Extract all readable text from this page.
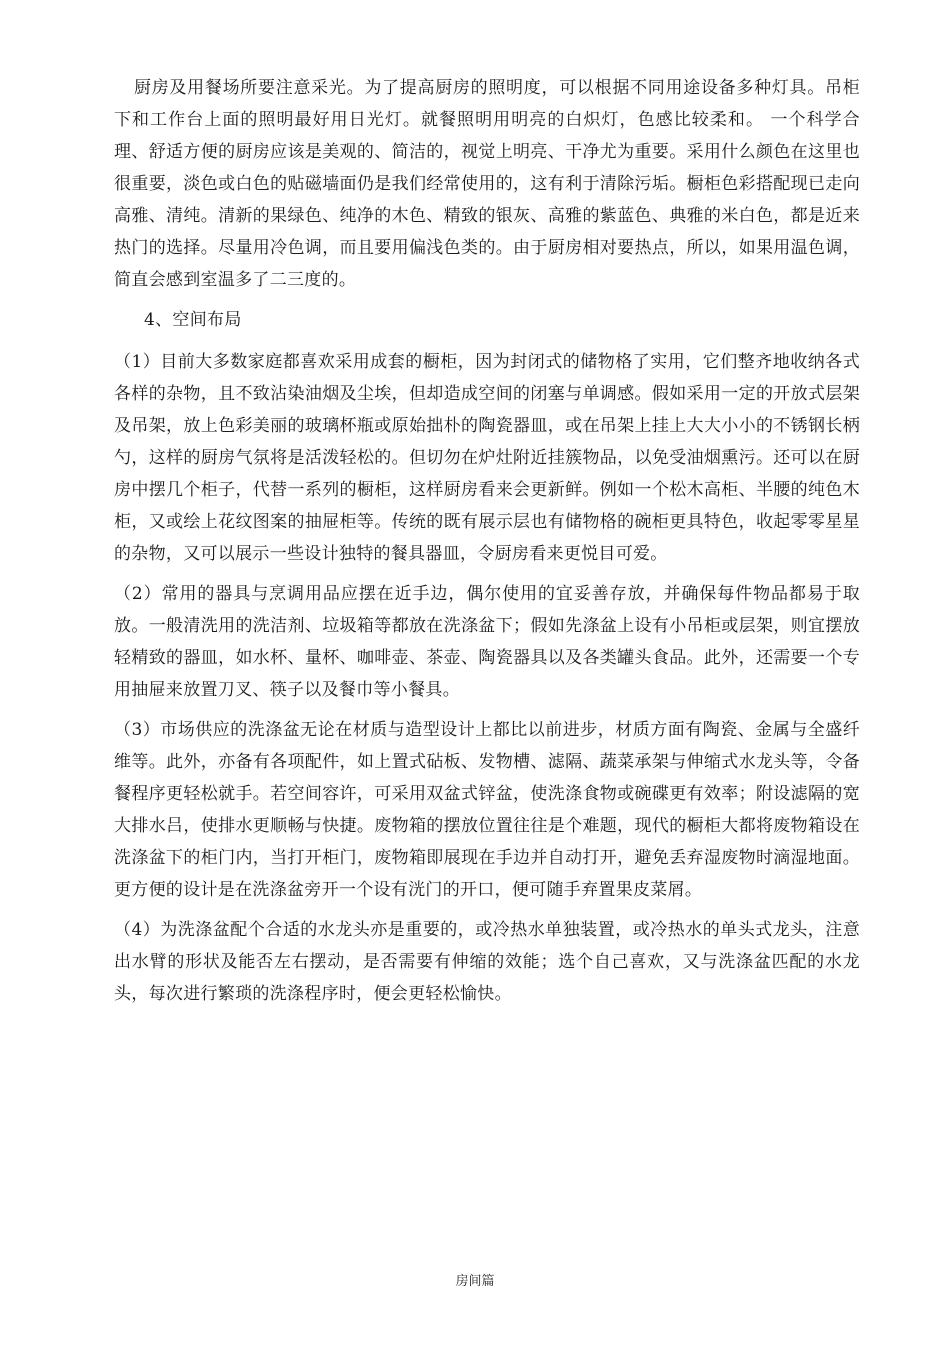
厨房及用餐场所要注意采光。为了提高厨房的照明度，可以根据不同用途设备多种灯具。吊柜下和工作台上面的照明最好用日光灯。就餐照明用明亮的白炽灯，色感比较柔和。 一个科学合理、舒适方便的厨房应该是美观的、简洁的，视觉上明亮、干净尤为重要。采用什么颜色在这里也很重要，淡色或白色的贴磁墙面仍是我们经常使用的，这有利于清除污垢。橱柜色彩搭配现已走向高雅、清纯。清新的果绿色、纯净的木色、精致的银灰、高雅的紫蓝色、典雅的米白色，都是近来热门的选择。尽量用冷色调，而且要用偏浅色类的。由于厨房相对要热点，所以，如果用温色调，简直会感到室温多了二三度的。

4、空间布局

（1）目前大多数家庭都喜欢采用成套的橱柜，因为封闭式的储物格了实用，它们整齐地收纳各式各样的杂物，且不致沾染油烟及尘埃，但却造成空间的闭塞与单调感。假如采用一定的开放式层架及吊架，放上色彩美丽的玻璃杯瓶或原始拙朴的陶瓷器皿，或在吊架上挂上大大小小的不锈钢长柄勺，这样的厨房气氛将是活泼轻松的。但切勿在炉灶附近挂簇物品，以免受油烟熏污。还可以在厨房中摆几个柜子，代替一系列的橱柜，这样厨房看来会更新鲜。例如一个松木高柜、半腰的纯色木柜，又或绘上花纹图案的抽屉柜等。传统的既有展示层也有储物格的碗柜更具特色，收起零零星星的杂物，又可以展示一些设计独特的餐具器皿，令厨房看来更悦目可爱。

（2）常用的器具与烹调用品应摆在近手边，偶尔使用的宜妥善存放，并确保每件物品都易于取放。一般清洗用的洗洁剂、垃圾箱等都放在洗涤盆下；假如先涤盆上设有小吊柜或层架，则宜摆放轻精致的器皿，如水杯、量杯、咖啡壶、茶壶、陶瓷器具以及各类罐头食品。此外，还需要一个专用抽屉来放置刀叉、筷子以及餐巾等小餐具。

（3）市场供应的洗涤盆无论在材质与造型设计上都比以前进步，材质方面有陶瓷、金属与全盛纤维等。此外，亦备有各项配件，如上置式砧板、发物槽、滤隔、蔬菜承架与伸缩式水龙头等，令备餐程序更轻松就手。若空间容许，可采用双盆式锌盆，使洗涤食物或碗碟更有效率；附设滤隔的宽大排水吕，使排水更顺畅与快捷。废物箱的摆放位置往往是个难题，现代的橱柜大都将废物箱设在洗涤盆下的柜门内，当打开柜门，废物箱即展现在手边并自动打开，避免丢弃湿废物时滴湿地面。更方便的设计是在洗涤盆旁开一个设有洸门的开口，便可随手弃置果皮菜屑。

（4）为洗涤盆配个合适的水龙头亦是重要的，或冷热水单独装置，或冷热水的单头式龙头，注意出水臂的形状及能否左右摆动，是否需要有伸缩的效能；选个自己喜欢，又与洗涤盆匹配的水龙头，每次进行繁琐的洗涤程序时，便会更轻松愉快。

房间篇
